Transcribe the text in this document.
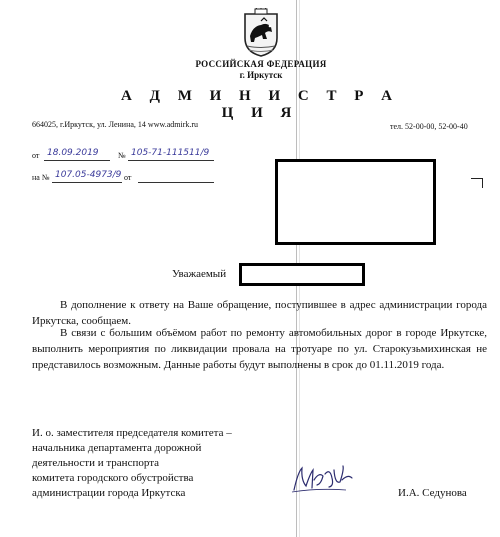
РОССИЙСКАЯ ФЕДЕРАЦИЯ
г. Иркутск
А Д М И Н И С Т Р А Ц И Я
664025, г.Иркутск, ул. Ленина, 14 www.admirk.ru	тел. 52-00-00, 52-00-40
от 18.09.2019 № 105-71-111511/9
на № 107.05-4973/9 от
Уважаемый

В дополнение к ответу на Ваше обращение, поступившее в адрес администрации города Иркутска, сообщаем.

В связи с большим объёмом работ по ремонту автомобильных дорог в городе Иркутске, выполнить мероприятия по ликвидации провала на тротуаре по ул. Старокузьмихинская не представилось возможным. Данные работы будут выполнены в срок до 01.11.2019 года.

И. о. заместителя председателя комитета –
начальника департамента дорожной
деятельности и транспорта
комитета городского обустройства
администрации города Иркутска	И.А. Седунова
